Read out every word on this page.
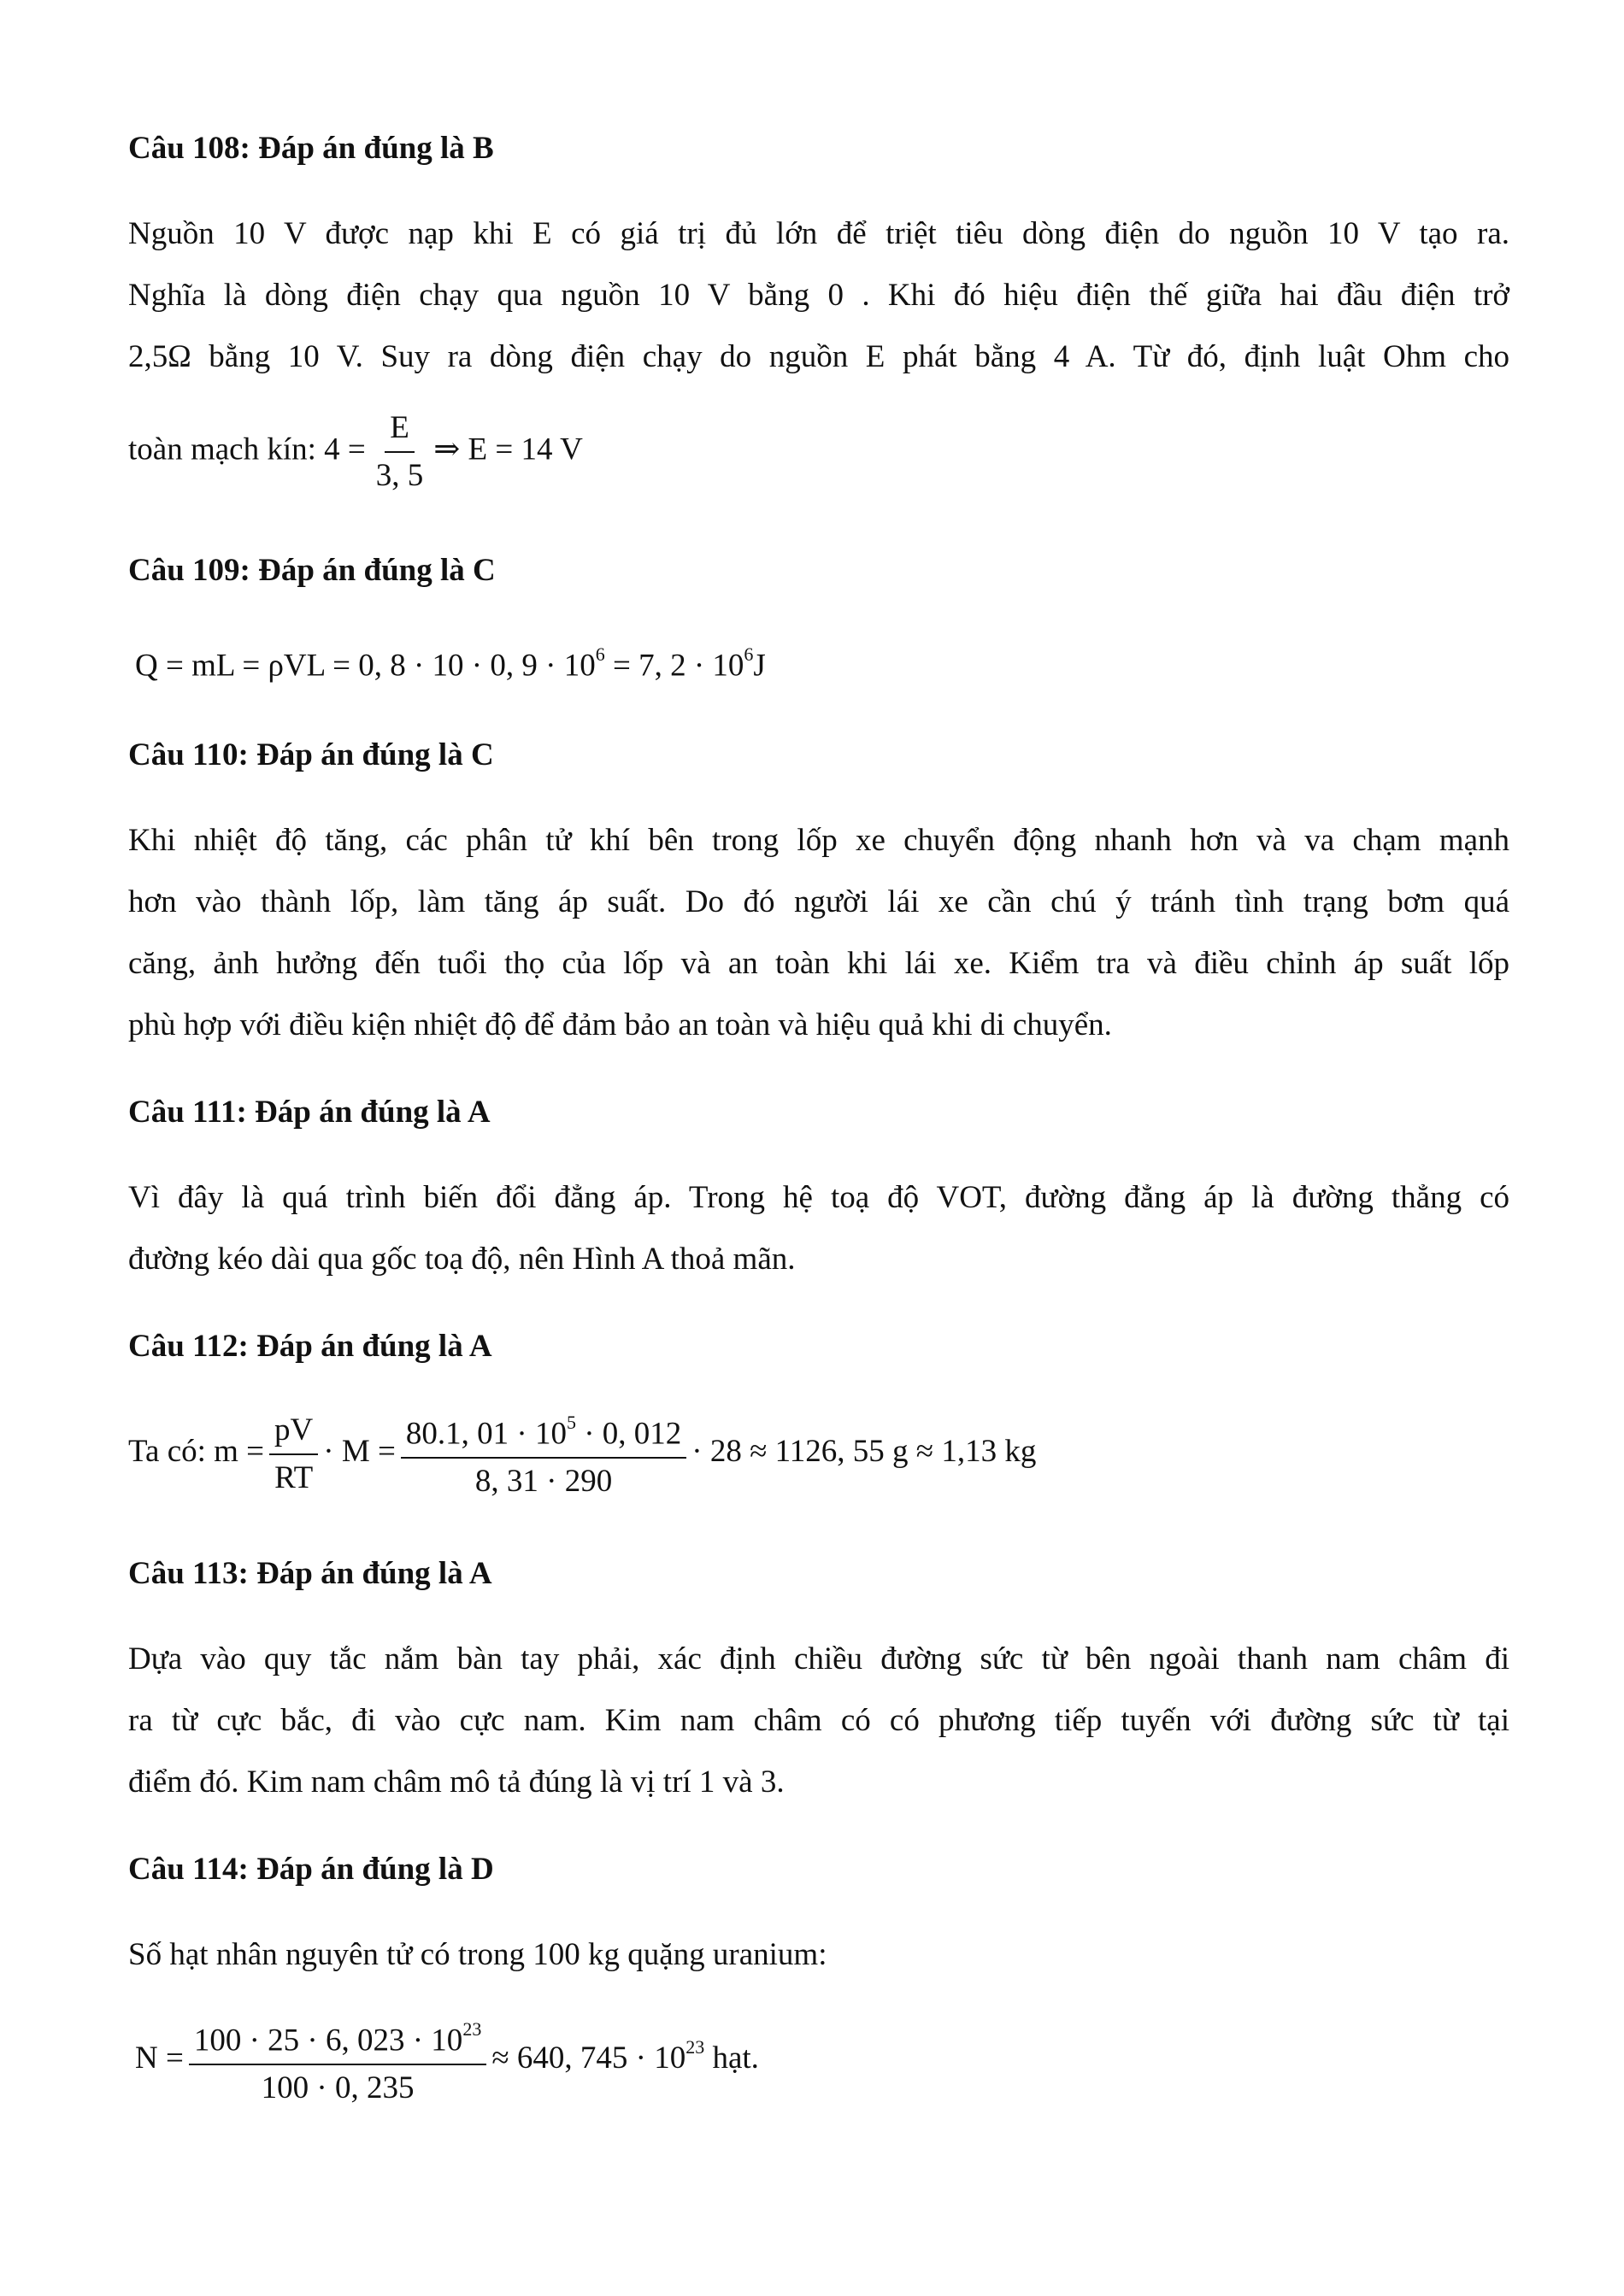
Câu 108: Đáp án đúng là B
Nguồn 10 V được nạp khi E có giá trị đủ lớn để triệt tiêu dòng điện do nguồn 10 V tạo ra.
Nghĩa là dòng điện chạy qua nguồn 10 V bằng 0 . Khi đó hiệu điện thế giữa hai đầu điện trở
2,5Ω bằng 10 V. Suy ra dòng điện chạy do nguồn E phát bằng 4 A. Từ đó, định luật Ohm cho
toàn mạch kín: $4 = \frac{E}{3, 5}$ ⇒ E = 14 V
Câu 109: Đáp án đúng là C
Q = mL = ρVL = 0, 8 · 10 · 0, $9 \cdot 10^6 = 7$, $2 \cdot 10^6J$
Câu 110: Đáp án đúng là C
Khi nhiệt độ tăng, các phân tử khí bên trong lốp xe chuyển động nhanh hơn và va chạm mạnh
hơn vào thành lốp, làm tăng áp suất. Do đó người lái xe cần chú ý tránh tình trạng bơm quá
căng, ảnh hưởng đến tuổi thọ của lốp và an toàn khi lái xe. Kiểm tra và điều chỉnh áp suất lốp
phù hợp với điều kiện nhiệt độ để đảm bảo an toàn và hiệu quả khi di chuyển.
Câu 111: Đáp án đúng là A
Vì đây là quá trình biến đổi đẳng áp. Trong hệ toạ độ VOT, đường đẳng áp là đường thẳng có
đường kéo dài qua gốc toạ độ, nên Hình A thoả mãn.
Câu 112: Đáp án đúng là A
Ta có: $m = \frac{pV}{RT} \cdot M = \frac{80.1, 01 \cdot 10^5 \cdot 0, 012}{8, 31 \cdot 290} \cdot 28 \approx 1126$, 55 g ≈ 1,13 kg
Câu 113: Đáp án đúng là A
Dựa vào quy tắc nắm bàn tay phải, xác định chiều đường sức từ bên ngoài thanh nam châm đi
ra từ cực bắc, đi vào cực nam. Kim nam châm có có phương tiếp tuyến với đường sức từ tại
điểm đó. Kim nam châm mô tả đúng là vị trí 1 và 3.
Câu 114: Đáp án đúng là D
Số hạt nhân nguyên tử có trong 100 kg quặng uranium:
$N = \frac{100 \cdot 25 \cdot 6, 023 \cdot 10^{23}}{100 \cdot 0, 235} \approx 640$, $745 \cdot 10^{23}$ hạt.
